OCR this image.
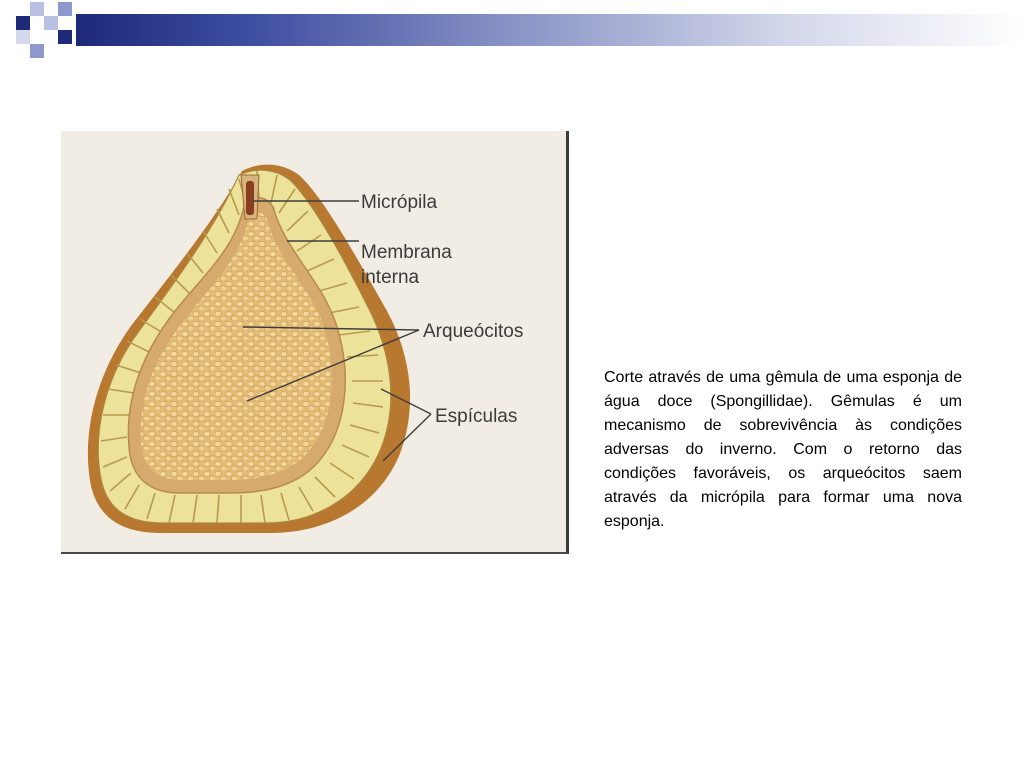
Micrópila
Membrana
interna
Arqueócitos
Espículas
Corte através de uma gêmula de uma esponja de água doce (Spongillidae). Gêmulas é um mecanismo de sobrevivência às condições adversas do inverno. Com o retorno das condições favoráveis, os arqueócitos saem através da micrópila para formar uma nova esponja.
